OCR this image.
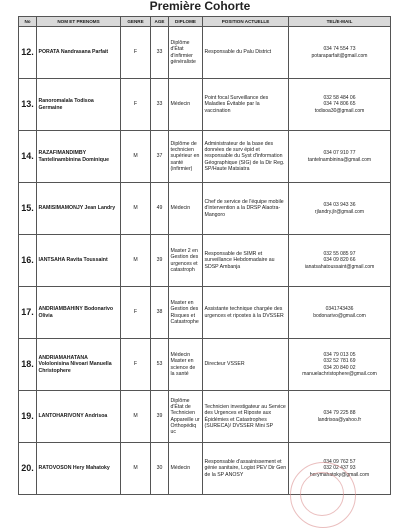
Première Cohorte
No	NOM ET PRENOMS	GENRE	AGE	DIPLOME	POSITION ACTUELLE	TEL/E-MAIL
12.	PORATA Nandrasana Parfait	F	33	Diplôme d'État d'infirmier généraliste	Responsable du Palu District	034 74 554 73
potaraparfait@gmail.com

13.	Ranoromalala Todisoa Germaine	F	33	Médecin	Point focal Surveillance des Maladies Évitable par la vaccination	032 58 484 06
034 74 806 65
todisoa30@gmail.com

14.	RAZAFIMANDIMBY Tantelinambinina Dominique	M	37	Diplôme de technicien supérieur en santé (infirmier)	Administrateur de la base des données de surv épid et responsable du Syst d'information Géographique (SIG) de la Dir Reg. SP/Haute Matsiatra	034 07 910 77
tantelnambinina@gmail.com

15.	RAMISIMAMONJY Jean Landry	M	49	Médecin	Chef de service de l'équipe mobile d'intervention a la DRSP Alaotra- Mangoro	034 03 943 36
rjlandry.jlr@gmail.com

16.	IANTSAHA Ravita Toussaint	M	39	Master 2 en Gestion des urgences et catastroph	Responsable de SIMR et surveillance Hebdomadaire au SDSP Ambanja	032 55 085 97
034 09 820 66
ianatsahatoussaint@gmail.com

17.	ANDRIAMBAHINY Bodonarivo Olivia	F	38	Master en Gestion des Risques et Catastrophe	Assistante technique chargée des urgences et ripostes à la DVSSER	0341743436
bodonarivo@gmail.com

18.	ANDRIAMAHATANA Vololonisina Nivoari Manuella Christophere	F	53	Médecin Master en science de la santé	Directeur VSSER	034 79 013 05
032 52 781 69
034 20 840 02
manuelachristophere@gmail.com

19.	LANTOHARIVONY Andrisoa	M	39	Diplôme d'État de Technicien Appareille ur Orthopédiq uc	Technicien investigateur au Service des Urgences et Riposte aux Épidémies et Catastrophes (SURECA)/ DVSSER Mini SP	034 79 225 88
landrisoa@yahoo.fr

20.	RATOVOSON Hery Mahatoky	M	30	Médecin	Responsable d'assainissement et génie sanitaire, Logist PEV Dir Gen de la SP ANOSY	034 09 762 57
032 02 437 93
herymahatoky@gmail.com
